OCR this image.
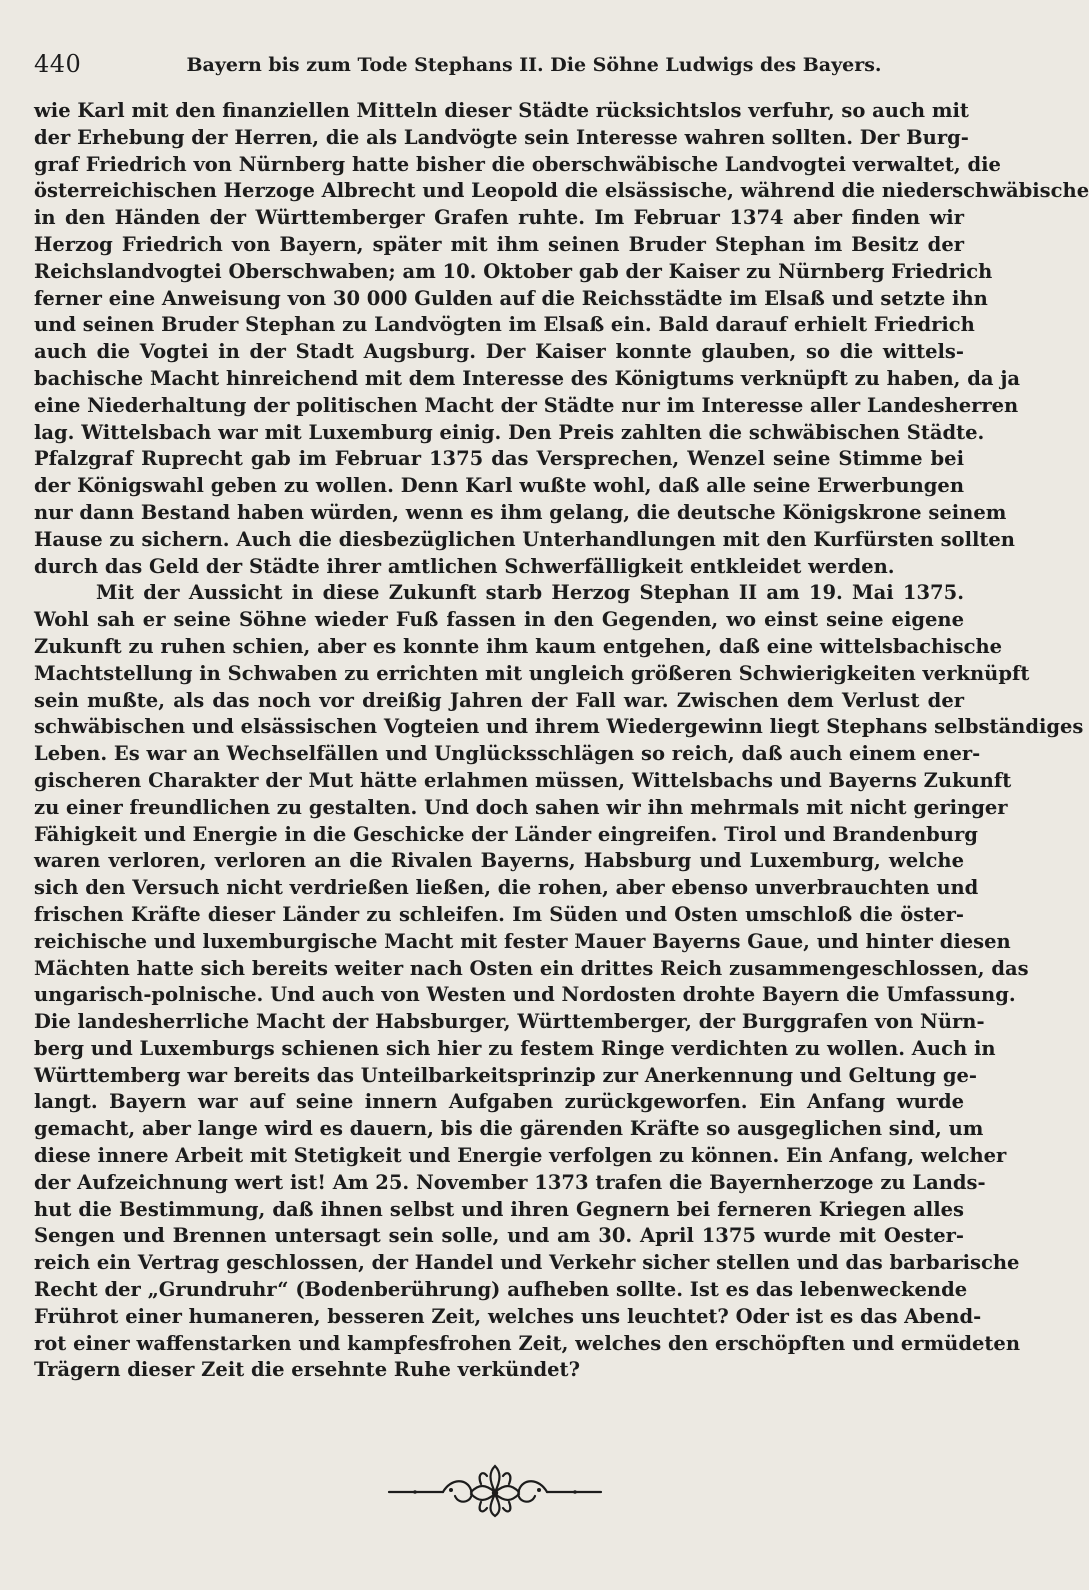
440	Bayern bis zum Tode Stephans II. Die Söhne Ludwigs des Bayers.

wie Karl mit den finanziellen Mitteln dieser Städte rücksichtslos verfuhr, so auch mit
der Erhebung der Herren, die als Landvögte sein Interesse wahren sollten. Der Burg-
graf Friedrich von Nürnberg hatte bisher die oberschwäbische Landvogtei verwaltet, die
österreichischen Herzoge Albrecht und Leopold die elsässische, während die niederschwäbische
in den Händen der Württemberger Grafen ruhte. Im Februar 1374 aber finden wir
Herzog Friedrich von Bayern, später mit ihm seinen Bruder Stephan im Besitz der
Reichslandvogtei Oberschwaben; am 10. Oktober gab der Kaiser zu Nürnberg Friedrich
ferner eine Anweisung von 30 000 Gulden auf die Reichsstädte im Elsaß und setzte ihn
und seinen Bruder Stephan zu Landvögten im Elsaß ein. Bald darauf erhielt Friedrich
auch die Vogtei in der Stadt Augsburg. Der Kaiser konnte glauben, so die wittels-
bachische Macht hinreichend mit dem Interesse des Königtums verknüpft zu haben, da ja
eine Niederhaltung der politischen Macht der Städte nur im Interesse aller Landesherren
lag. Wittelsbach war mit Luxemburg einig. Den Preis zahlten die schwäbischen Städte.
Pfalzgraf Ruprecht gab im Februar 1375 das Versprechen, Wenzel seine Stimme bei
der Königswahl geben zu wollen. Denn Karl wußte wohl, daß alle seine Erwerbungen
nur dann Bestand haben würden, wenn es ihm gelang, die deutsche Königskrone seinem
Hause zu sichern. Auch die diesbezüglichen Unterhandlungen mit den Kurfürsten sollten
durch das Geld der Städte ihrer amtlichen Schwerfälligkeit entkleidet werden.

Mit der Aussicht in diese Zukunft starb Herzog Stephan II am 19. Mai 1375.
Wohl sah er seine Söhne wieder Fuß fassen in den Gegenden, wo einst seine eigene
Zukunft zu ruhen schien, aber es konnte ihm kaum entgehen, daß eine wittelsbachische
Machtstellung in Schwaben zu errichten mit ungleich größeren Schwierigkeiten verknüpft
sein mußte, als das noch vor dreißig Jahren der Fall war. Zwischen dem Verlust der
schwäbischen und elsässischen Vogteien und ihrem Wiedergewinn liegt Stephans selbständiges
Leben. Es war an Wechselfällen und Unglücksschlägen so reich, daß auch einem ener-
gischeren Charakter der Mut hätte erlahmen müssen, Wittelsbachs und Bayerns Zukunft
zu einer freundlichen zu gestalten. Und doch sahen wir ihn mehrmals mit nicht geringer
Fähigkeit und Energie in die Geschicke der Länder eingreifen. Tirol und Brandenburg
waren verloren, verloren an die Rivalen Bayerns, Habsburg und Luxemburg, welche
sich den Versuch nicht verdrießen ließen, die rohen, aber ebenso unverbrauchten und
frischen Kräfte dieser Länder zu schleifen. Im Süden und Osten umschloß die öster-
reichische und luxemburgische Macht mit fester Mauer Bayerns Gaue, und hinter diesen
Mächten hatte sich bereits weiter nach Osten ein drittes Reich zusammengeschlossen, das
ungarisch-polnische. Und auch von Westen und Nordosten drohte Bayern die Umfassung.
Die landesherrliche Macht der Habsburger, Württemberger, der Burggrafen von Nürn-
berg und Luxemburgs schienen sich hier zu festem Ringe verdichten zu wollen. Auch in
Württemberg war bereits das Unteilbarkeitsprinzip zur Anerkennung und Geltung ge-
langt. Bayern war auf seine innern Aufgaben zurückgeworfen. Ein Anfang wurde
gemacht, aber lange wird es dauern, bis die gärenden Kräfte so ausgeglichen sind, um
diese innere Arbeit mit Stetigkeit und Energie verfolgen zu können. Ein Anfang, welcher
der Aufzeichnung wert ist! Am 25. November 1373 trafen die Bayernherzoge zu Lands-
hut die Bestimmung, daß ihnen selbst und ihren Gegnern bei ferneren Kriegen alles
Sengen und Brennen untersagt sein solle, und am 30. April 1375 wurde mit Oester-
reich ein Vertrag geschlossen, der Handel und Verkehr sicher stellen und das barbarische
Recht der „Grundruhr“ (Bodenberührung) aufheben sollte. Ist es das lebenweckende
Frührot einer humaneren, besseren Zeit, welches uns leuchtet? Oder ist es das Abend-
rot einer waffenstarken und kampfesfrohen Zeit, welches den erschöpften und ermüdeten
Trägern dieser Zeit die ersehnte Ruhe verkündet?
